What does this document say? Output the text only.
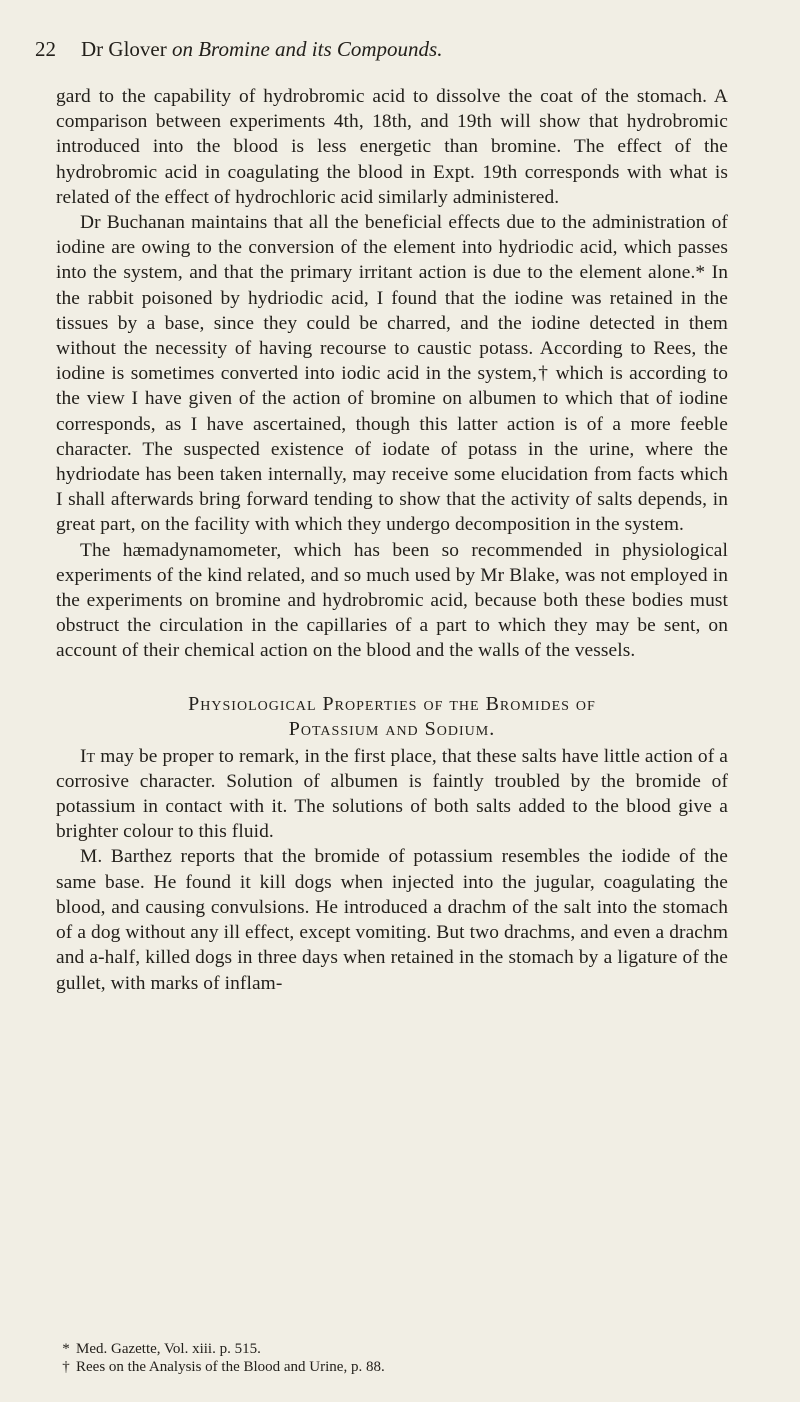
22 Dr Glover on Bromine and its Compounds.

gard to the capability of hydrobromic acid to dissolve the coat of the stomach. A comparison between experiments 4th, 18th, and 19th will show that hydrobromic introduced into the blood is less energetic than bromine. The effect of the hydrobromic acid in coagulating the blood in Expt. 19th corresponds with what is related of the effect of hydrochloric acid similarly administered.

Dr Buchanan maintains that all the beneficial effects due to the administration of iodine are owing to the conversion of the element into hydriodic acid, which passes into the system, and that the primary irritant action is due to the element alone.* In the rabbit poisoned by hydriodic acid, I found that the iodine was retained in the tissues by a base, since they could be charred, and the iodine detected in them without the necessity of having recourse to caustic potass. According to Rees, the iodine is sometimes converted into iodic acid in the system,† which is according to the view I have given of the action of bromine on albumen to which that of iodine corresponds, as I have ascertained, though this latter action is of a more feeble character. The suspected existence of iodate of potass in the urine, where the hydriodate has been taken internally, may receive some elucidation from facts which I shall afterwards bring forward tending to show that the activity of salts depends, in great part, on the facility with which they undergo decomposition in the system.

The hæmadynamometer, which has been so recommended in physiological experiments of the kind related, and so much used by Mr Blake, was not employed in the experiments on bromine and hydrobromic acid, because both these bodies must obstruct the circulation in the capillaries of a part to which they may be sent, on account of their chemical action on the blood and the walls of the vessels.

Physiological Properties of the Bromides of
Potassium and Sodium.

It may be proper to remark, in the first place, that these salts have little action of a corrosive character. Solution of albumen is faintly troubled by the bromide of potassium in contact with it. The solutions of both salts added to the blood give a brighter colour to this fluid.

M. Barthez reports that the bromide of potassium resembles the iodide of the same base. He found it kill dogs when injected into the jugular, coagulating the blood, and causing convulsions. He introduced a drachm of the salt into the stomach of a dog without any ill effect, except vomiting. But two drachms, and even a drachm and a-half, killed dogs in three days when retained in the stomach by a ligature of the gullet, with marks of inflam-

* Med. Gazette, Vol. xiii. p. 515.

† Rees on the Analysis of the Blood and Urine, p. 88.
